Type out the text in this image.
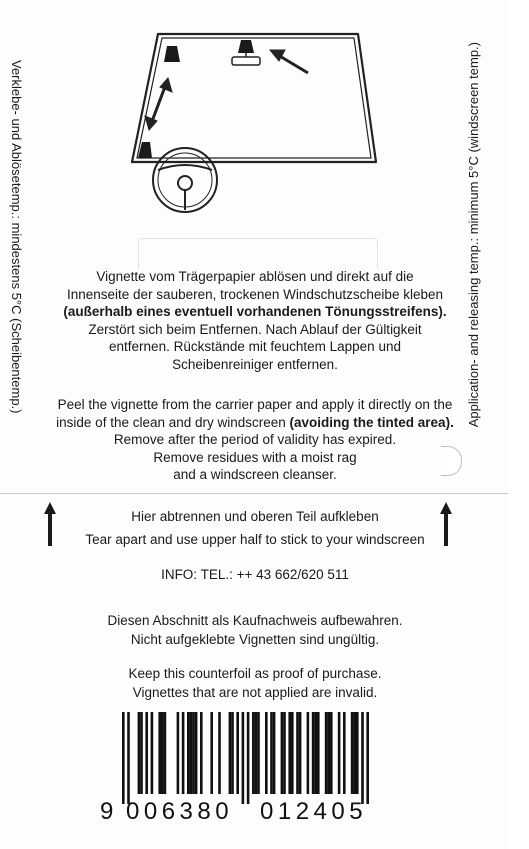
Verklebe- und Ablösetemp.: mindestens 5°C (Scheibentemp.)	Application- and releasing temp.: minimum 5°C (windscreen temp.)
Vignette vom Trägerpapier ablösen und direkt auf die
Innenseite der sauberen, trockenen Windschutzscheibe kleben
(außerhalb eines eventuell vorhandenen Tönungsstreifens).
Zerstört sich beim Entfernen. Nach Ablauf der Gültigkeit
entfernen. Rückstände mit feuchtem Lappen und
Scheibenreiniger entfernen.
Peel the vignette from the carrier paper and apply it directly on the
inside of the clean and dry windscreen (avoiding the tinted area).
Remove after the period of validity has expired.
Remove residues with a moist rag
and a windscreen cleanser.
Hier abtrennen und oberen Teil aufkleben
Tear apart and use upper half to stick to your windscreen
INFO: TEL.: ++ 43 662/620 511
Diesen Abschnitt als Kaufnachweis aufbewahren.
Nicht aufgeklebte Vignetten sind ungültig.
Keep this counterfoil as proof of purchase.
Vignettes that are not applied are invalid.
9 006380 012405
